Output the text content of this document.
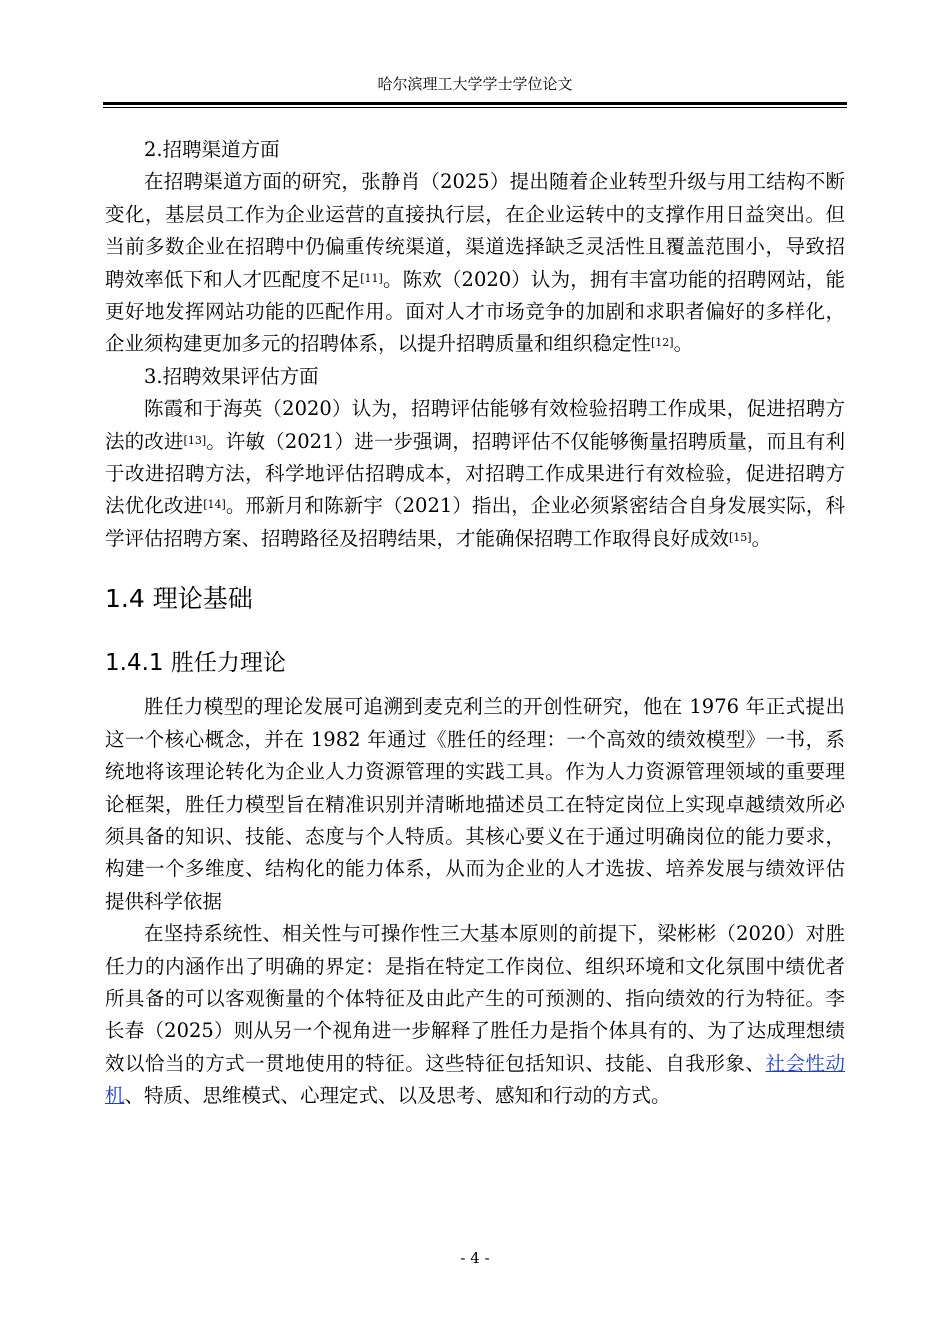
哈尔滨理工大学学士学位论文

2.招聘渠道方面

在招聘渠道方面的研究，张静肖（2025）提出随着企业转型升级与用工结构不断变化，基层员工作为企业运营的直接执行层，在企业运转中的支撑作用日益突出。但当前多数企业在招聘中仍偏重传统渠道，渠道选择缺乏灵活性且覆盖范围小，导致招聘效率低下和人才匹配度不足[11]。陈欢（2020）认为，拥有丰富功能的招聘网站，能更好地发挥网站功能的匹配作用。面对人才市场竞争的加剧和求职者偏好的多样化，企业须构建更加多元的招聘体系，以提升招聘质量和组织稳定性[12]。

3.招聘效果评估方面

陈霞和于海英（2020）认为，招聘评估能够有效检验招聘工作成果，促进招聘方法的改进[13]。许敏（2021）进一步强调，招聘评估不仅能够衡量招聘质量，而且有利于改进招聘方法，科学地评估招聘成本，对招聘工作成果进行有效检验，促进招聘方法优化改进[14]。邢新月和陈新宇（2021）指出，企业必须紧密结合自身发展实际，科学评估招聘方案、招聘路径及招聘结果，才能确保招聘工作取得良好成效[15]。

1.4 理论基础
1.4.1 胜任力理论

胜任力模型的理论发展可追溯到麦克利兰的开创性研究，他在 1976 年正式提出这一个核心概念，并在 1982 年通过《胜任的经理：一个高效的绩效模型》一书，系统地将该理论转化为企业人力资源管理的实践工具。作为人力资源管理领域的重要理论框架，胜任力模型旨在精准识别并清晰地描述员工在特定岗位上实现卓越绩效所必须具备的知识、技能、态度与个人特质。其核心要义在于通过明确岗位的能力要求，构建一个多维度、结构化的能力体系，从而为企业的人才选拔、培养发展与绩效评估提供科学依据

在坚持系统性、相关性与可操作性三大基本原则的前提下，梁彬彬（2020）对胜任力的内涵作出了明确的界定：是指在特定工作岗位、组织环境和文化氛围中绩优者所具备的可以客观衡量的个体特征及由此产生的可预测的、指向绩效的行为特征。李长春（2025）则从另一个视角进一步解释了胜任力是指个体具有的、为了达成理想绩效以恰当的方式一贯地使用的特征。这些特征包括知识、技能、自我形象、社会性动机、特质、思维模式、心理定式、以及思考、感知和行动的方式。

- 4 -
